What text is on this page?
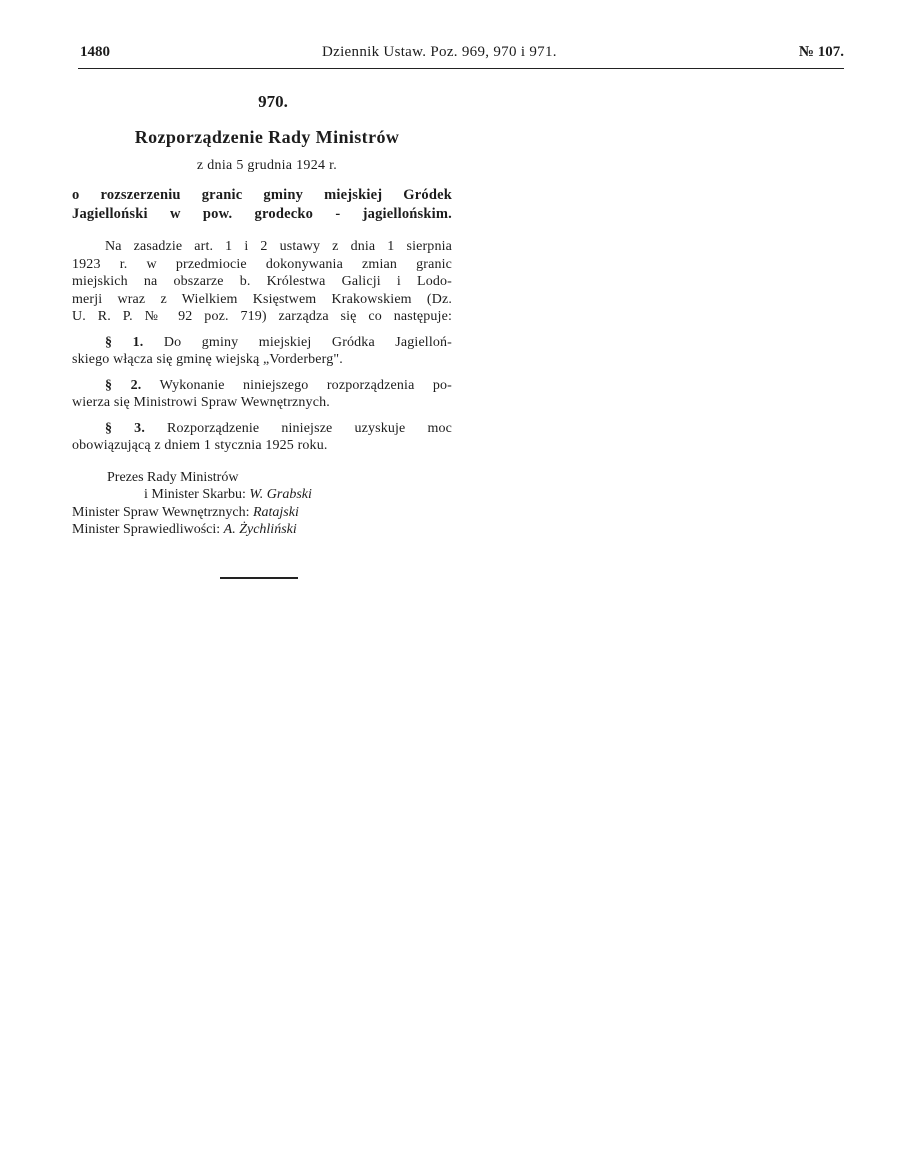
1480	Dziennik Ustaw. Poz. 969, 970 i 971.	№ 107.
970.
Rozporządzenie Rady Ministrów
z dnia 5 grudnia 1924 r.
o rozszerzeniu granic gminy miejskiej Gródek
Jagielloński w pow. grodecko - jagiellońskim.
Na zasadzie art. 1 i 2 ustawy z dnia 1 sierpnia
1923 r. w przedmiocie dokonywania zmian granic
miejskich na obszarze b. Królestwa Galicji i Lodo-
merji wraz z Wielkiem Księstwem Krakowskiem (Dz.
U. R. P. № 92 poz. 719) zarządza się co następuje:
§ 1. Do gminy miejskiej Gródka Jagielloń-
skiego włącza się gminę wiejską „Vorderberg".
§ 2. Wykonanie niniejszego rozporządzenia po-
wierza się Ministrowi Spraw Wewnętrznych.
§ 3. Rozporządzenie niniejsze uzyskuje moc
obowiązującą z dniem 1 stycznia 1925 roku.
Prezes Rady Ministrów
i Minister Skarbu: W. Grabski
Minister Spraw Wewnętrznych: Ratajski
Minister Sprawiedliwości: A. Żychliński
